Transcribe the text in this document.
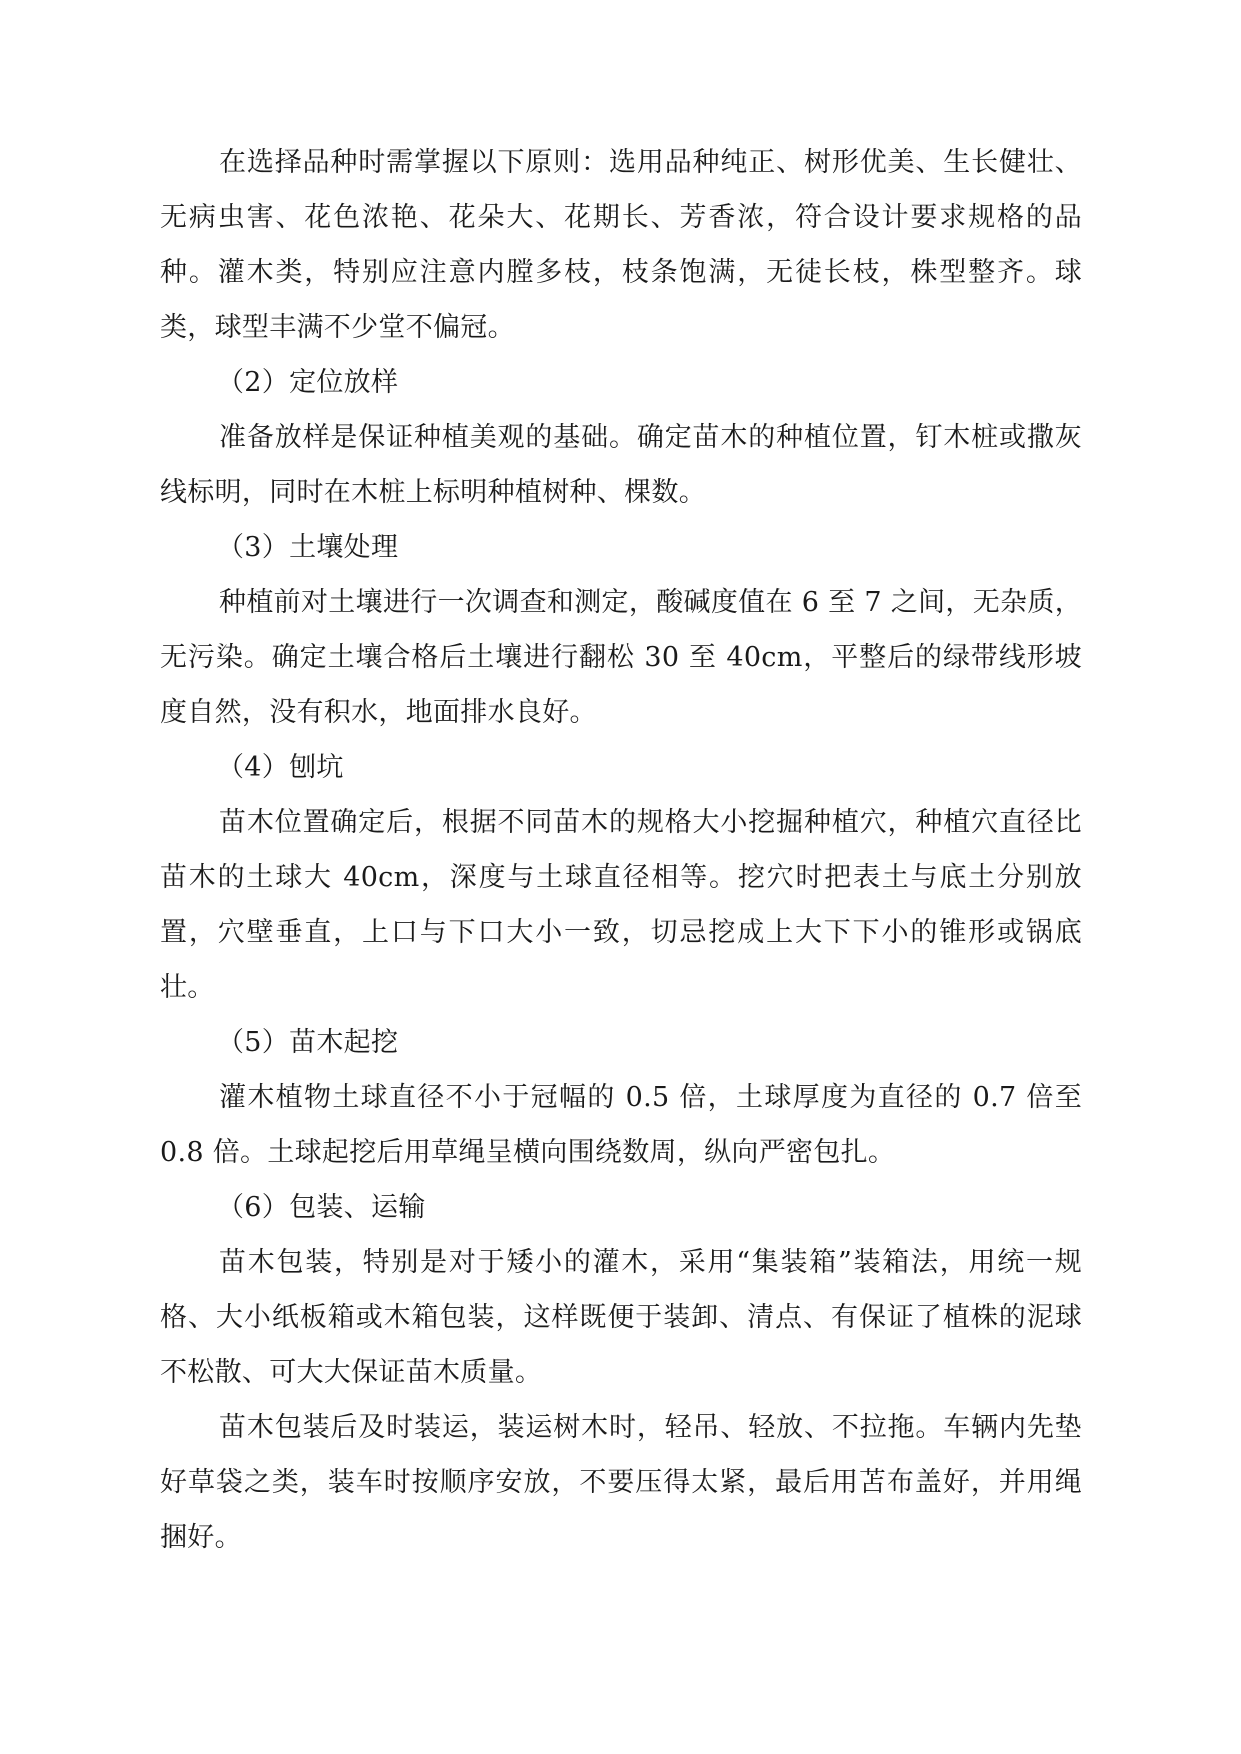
在选择品种时需掌握以下原则：选用品种纯正、树形优美、生长健壮、无病虫害、花色浓艳、花朵大、花期长、芳香浓，符合设计要求规格的品种。灌木类，特别应注意内膛多枝，枝条饱满，无徒长枝，株型整齐。球类，球型丰满不少堂不偏冠。

（2）定位放样

准备放样是保证种植美观的基础。确定苗木的种植位置，钉木桩或撒灰线标明，同时在木桩上标明种植树种、棵数。

（3）土壤处理

种植前对土壤进行一次调查和测定，酸碱度值在 6 至 7 之间，无杂质，无污染。确定土壤合格后土壤进行翻松 30 至 40cm，平整后的绿带线形坡度自然，没有积水，地面排水良好。

（4）刨坑

苗木位置确定后，根据不同苗木的规格大小挖掘种植穴，种植穴直径比苗木的土球大 40cm，深度与土球直径相等。挖穴时把表土与底土分别放置，穴壁垂直，上口与下口大小一致，切忌挖成上大下下小的锥形或锅底壮。

（5）苗木起挖

灌木植物土球直径不小于冠幅的 0.5 倍，土球厚度为直径的 0.7 倍至 0.8 倍。土球起挖后用草绳呈横向围绕数周，纵向严密包扎。

（6）包装、运输

苗木包装，特别是对于矮小的灌木，采用“集装箱”装箱法，用统一规格、大小纸板箱或木箱包装，这样既便于装卸、清点、有保证了植株的泥球不松散、可大大保证苗木质量。

苗木包装后及时装运，装运树木时，轻吊、轻放、不拉拖。车辆内先垫好草袋之类，装车时按顺序安放，不要压得太紧，最后用苫布盖好，并用绳捆好。
